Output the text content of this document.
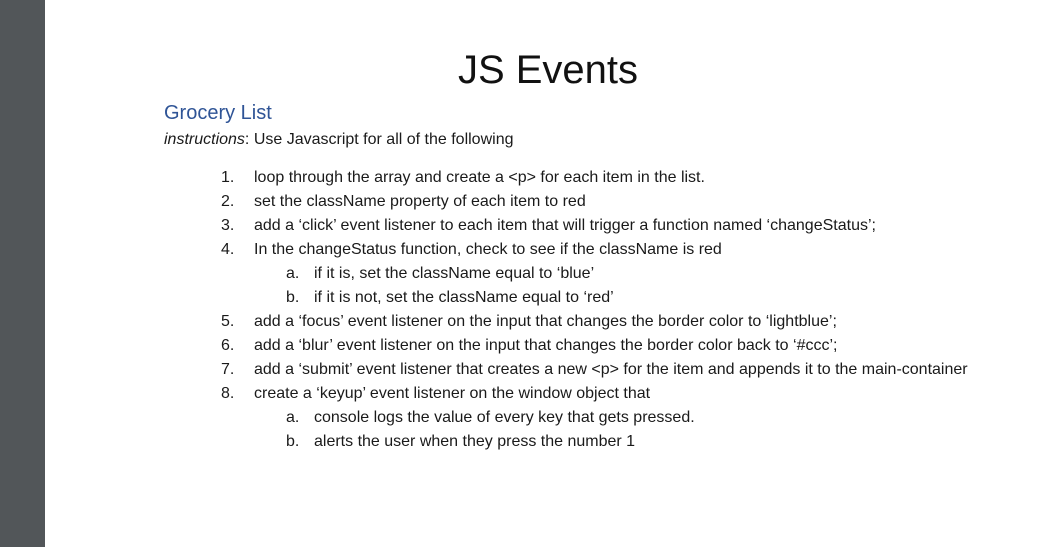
JS Events
Grocery List

instructions: Use Javascript for all of the following

1. loop through the array and create a <p> for each item in the list.
2. set the className property of each item to red
3. add a ‘click’ event listener to each item that will trigger a function named ‘changeStatus’;
4. In the changeStatus function, check to see if the className is red
a. if it is, set the className equal to ‘blue’
b. if it is not, set the className equal to ‘red’
5. add a ‘focus’ event listener on the input that changes the border color to ‘lightblue’;
6. add a ‘blur’ event listener on the input that changes the border color back to ‘#ccc’;
7. add a ‘submit’ event listener that creates a new <p> for the item and appends it to the main-container
8. create a ‘keyup’ event listener on the window object that
a. console logs the value of every key that gets pressed.
b. alerts the user when they press the number 1
